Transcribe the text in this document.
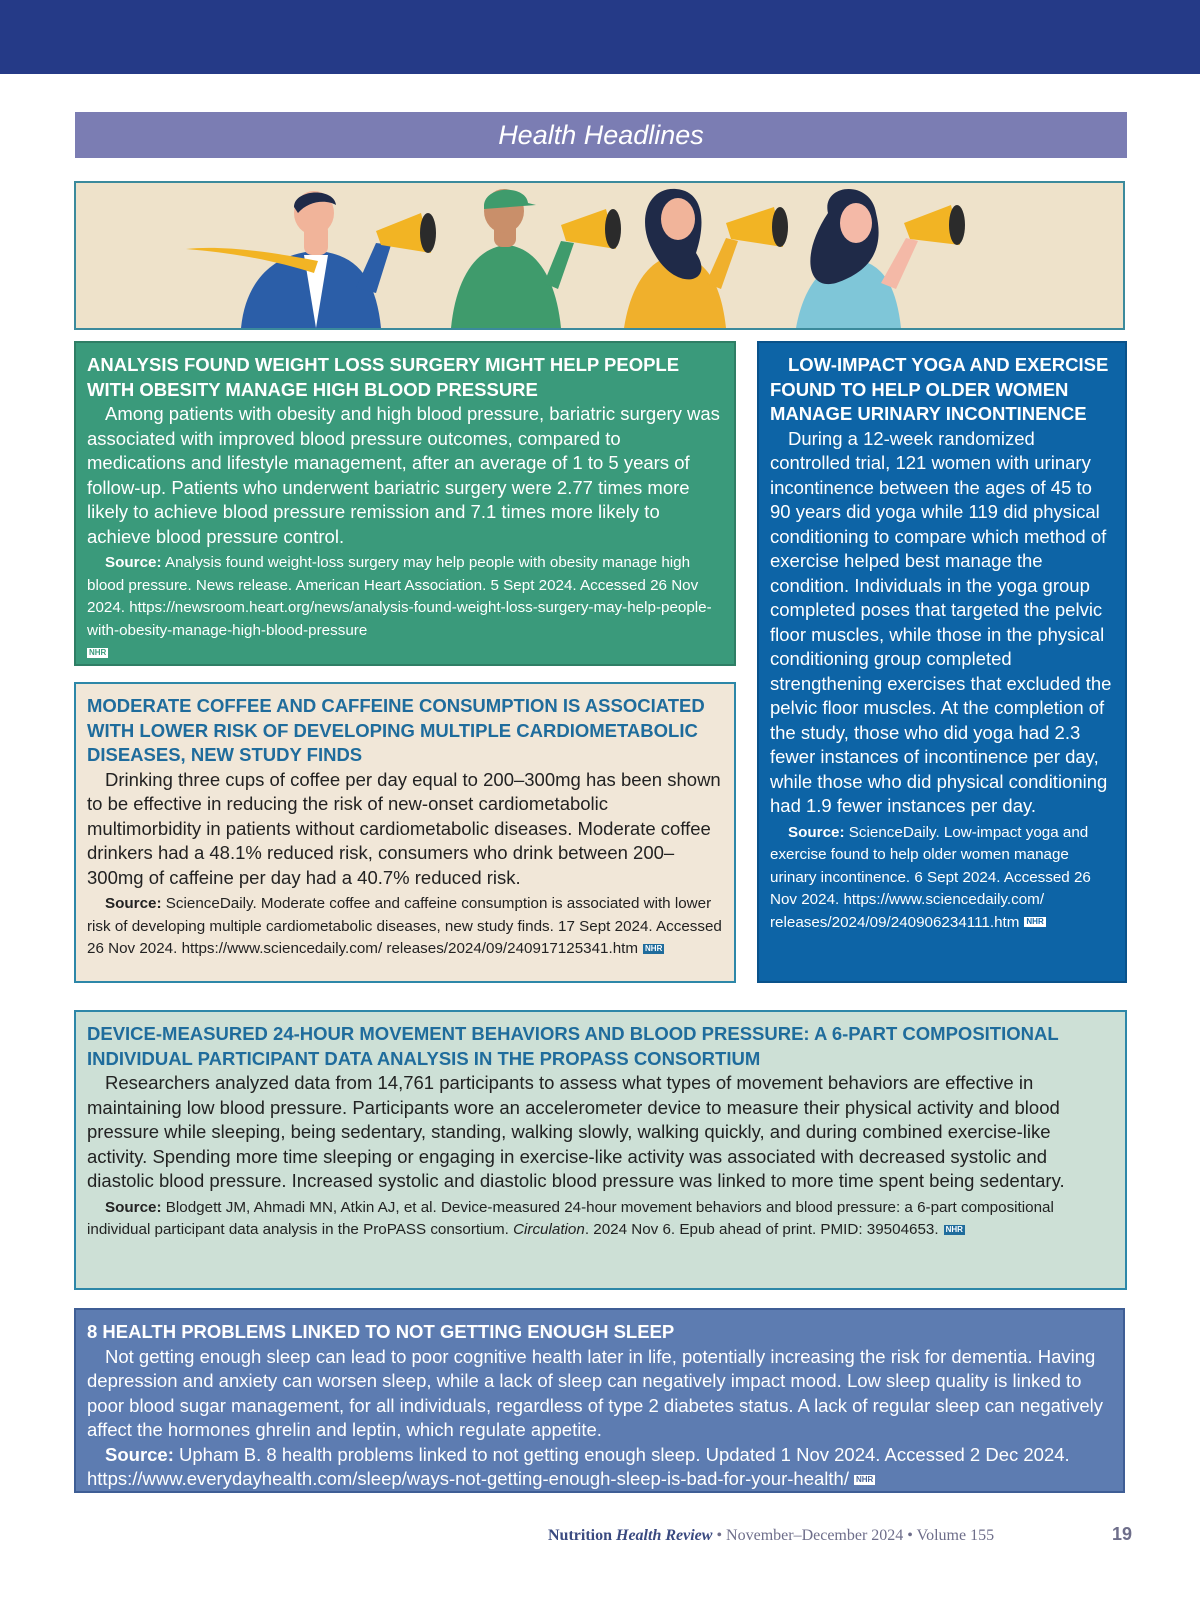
Health Headlines
ANALYSIS FOUND WEIGHT LOSS SURGERY MIGHT HELP PEOPLE WITH OBESITY MANAGE HIGH BLOOD PRESSURE

Among patients with obesity and high blood pressure, bariatric surgery was associated with improved blood pressure outcomes, compared to medications and lifestyle management, after an average of 1 to 5 years of follow-up. Patients who underwent bariatric surgery were 2.77 times more likely to achieve blood pressure remission and 7.1 times more likely to achieve blood pressure control.

Source: Analysis found weight-loss surgery may help people with obesity manage high blood pressure. News release. American Heart Association. 5 Sept 2024. Accessed 26 Nov 2024. https://newsroom.heart.org/news/analysis-found-weight-loss-surgery-may-help-people-with-obesity-manage-high-blood-pressure
NHR

LOW-IMPACT YOGA AND EXERCISE FOUND TO HELP OLDER WOMEN MANAGE URINARY INCONTINENCE

During a 12-week randomized controlled trial, 121 women with urinary incontinence between the ages of 45 to 90 years did yoga while 119 did physical conditioning to compare which method of exercise helped best manage the condition. Individuals in the yoga group completed poses that targeted the pelvic floor muscles, while those in the physical conditioning group completed strengthening exercises that excluded the pelvic floor muscles. At the completion of the study, those who did yoga had 2.3 fewer instances of incontinence per day, while those who did physical conditioning had 1.9 fewer instances per day.

Source: ScienceDaily. Low-impact yoga and exercise found to help older women manage urinary incontinence. 6 Sept 2024. Accessed 26 Nov 2024. https://www.sciencedaily.com/ releases/2024/09/240906234111.htm NHR

MODERATE COFFEE AND CAFFEINE CONSUMPTION IS ASSOCIATED WITH LOWER RISK OF DEVELOPING MULTIPLE CARDIOMETABOLIC DISEASES, NEW STUDY FINDS

Drinking three cups of coffee per day equal to 200–300mg has been shown to be effective in reducing the risk of new-onset cardiometabolic multimorbidity in patients without cardiometabolic diseases. Moderate coffee drinkers had a 48.1% reduced risk, consumers who drink between 200–300mg of caffeine per day had a 40.7% reduced risk.

Source: ScienceDaily. Moderate coffee and caffeine consumption is associated with lower risk of developing multiple cardiometabolic diseases, new study finds. 17 Sept 2024. Accessed 26 Nov 2024. https://www.sciencedaily.com/ releases/2024/09/240917125341.htm NHR

DEVICE-MEASURED 24-HOUR MOVEMENT BEHAVIORS AND BLOOD PRESSURE: A 6-PART COMPOSITIONAL INDIVIDUAL PARTICIPANT DATA ANALYSIS IN THE PROPASS CONSORTIUM

Researchers analyzed data from 14,761 participants to assess what types of movement behaviors are effective in maintaining low blood pressure. Participants wore an accelerometer device to measure their physical activity and blood pressure while sleeping, being sedentary, standing, walking slowly, walking quickly, and during combined exercise-like activity. Spending more time sleeping or engaging in exercise-like activity was associated with decreased systolic and diastolic blood pressure. Increased systolic and diastolic blood pressure was linked to more time spent being sedentary.

Source: Blodgett JM, Ahmadi MN, Atkin AJ, et al. Device-measured 24-hour movement behaviors and blood pressure: a 6-part compositional individual participant data analysis in the ProPASS consortium. Circulation. 2024 Nov 6. Epub ahead of print. PMID: 39504653. NHR

8 HEALTH PROBLEMS LINKED TO NOT GETTING ENOUGH SLEEP

Not getting enough sleep can lead to poor cognitive health later in life, potentially increasing the risk for dementia. Having depression and anxiety can worsen sleep, while a lack of sleep can negatively impact mood. Low sleep quality is linked to poor blood sugar management, for all individuals, regardless of type 2 diabetes status. A lack of regular sleep can negatively affect the hormones ghrelin and leptin, which regulate appetite.

Source: Upham B. 8 health problems linked to not getting enough sleep. Updated 1 Nov 2024. Accessed 2 Dec 2024. https://www.everydayhealth.com/sleep/ways-not-getting-enough-sleep-is-bad-for-your-health/ NHR

Nutrition Health Review • November–December 2024 • Volume 155	19
